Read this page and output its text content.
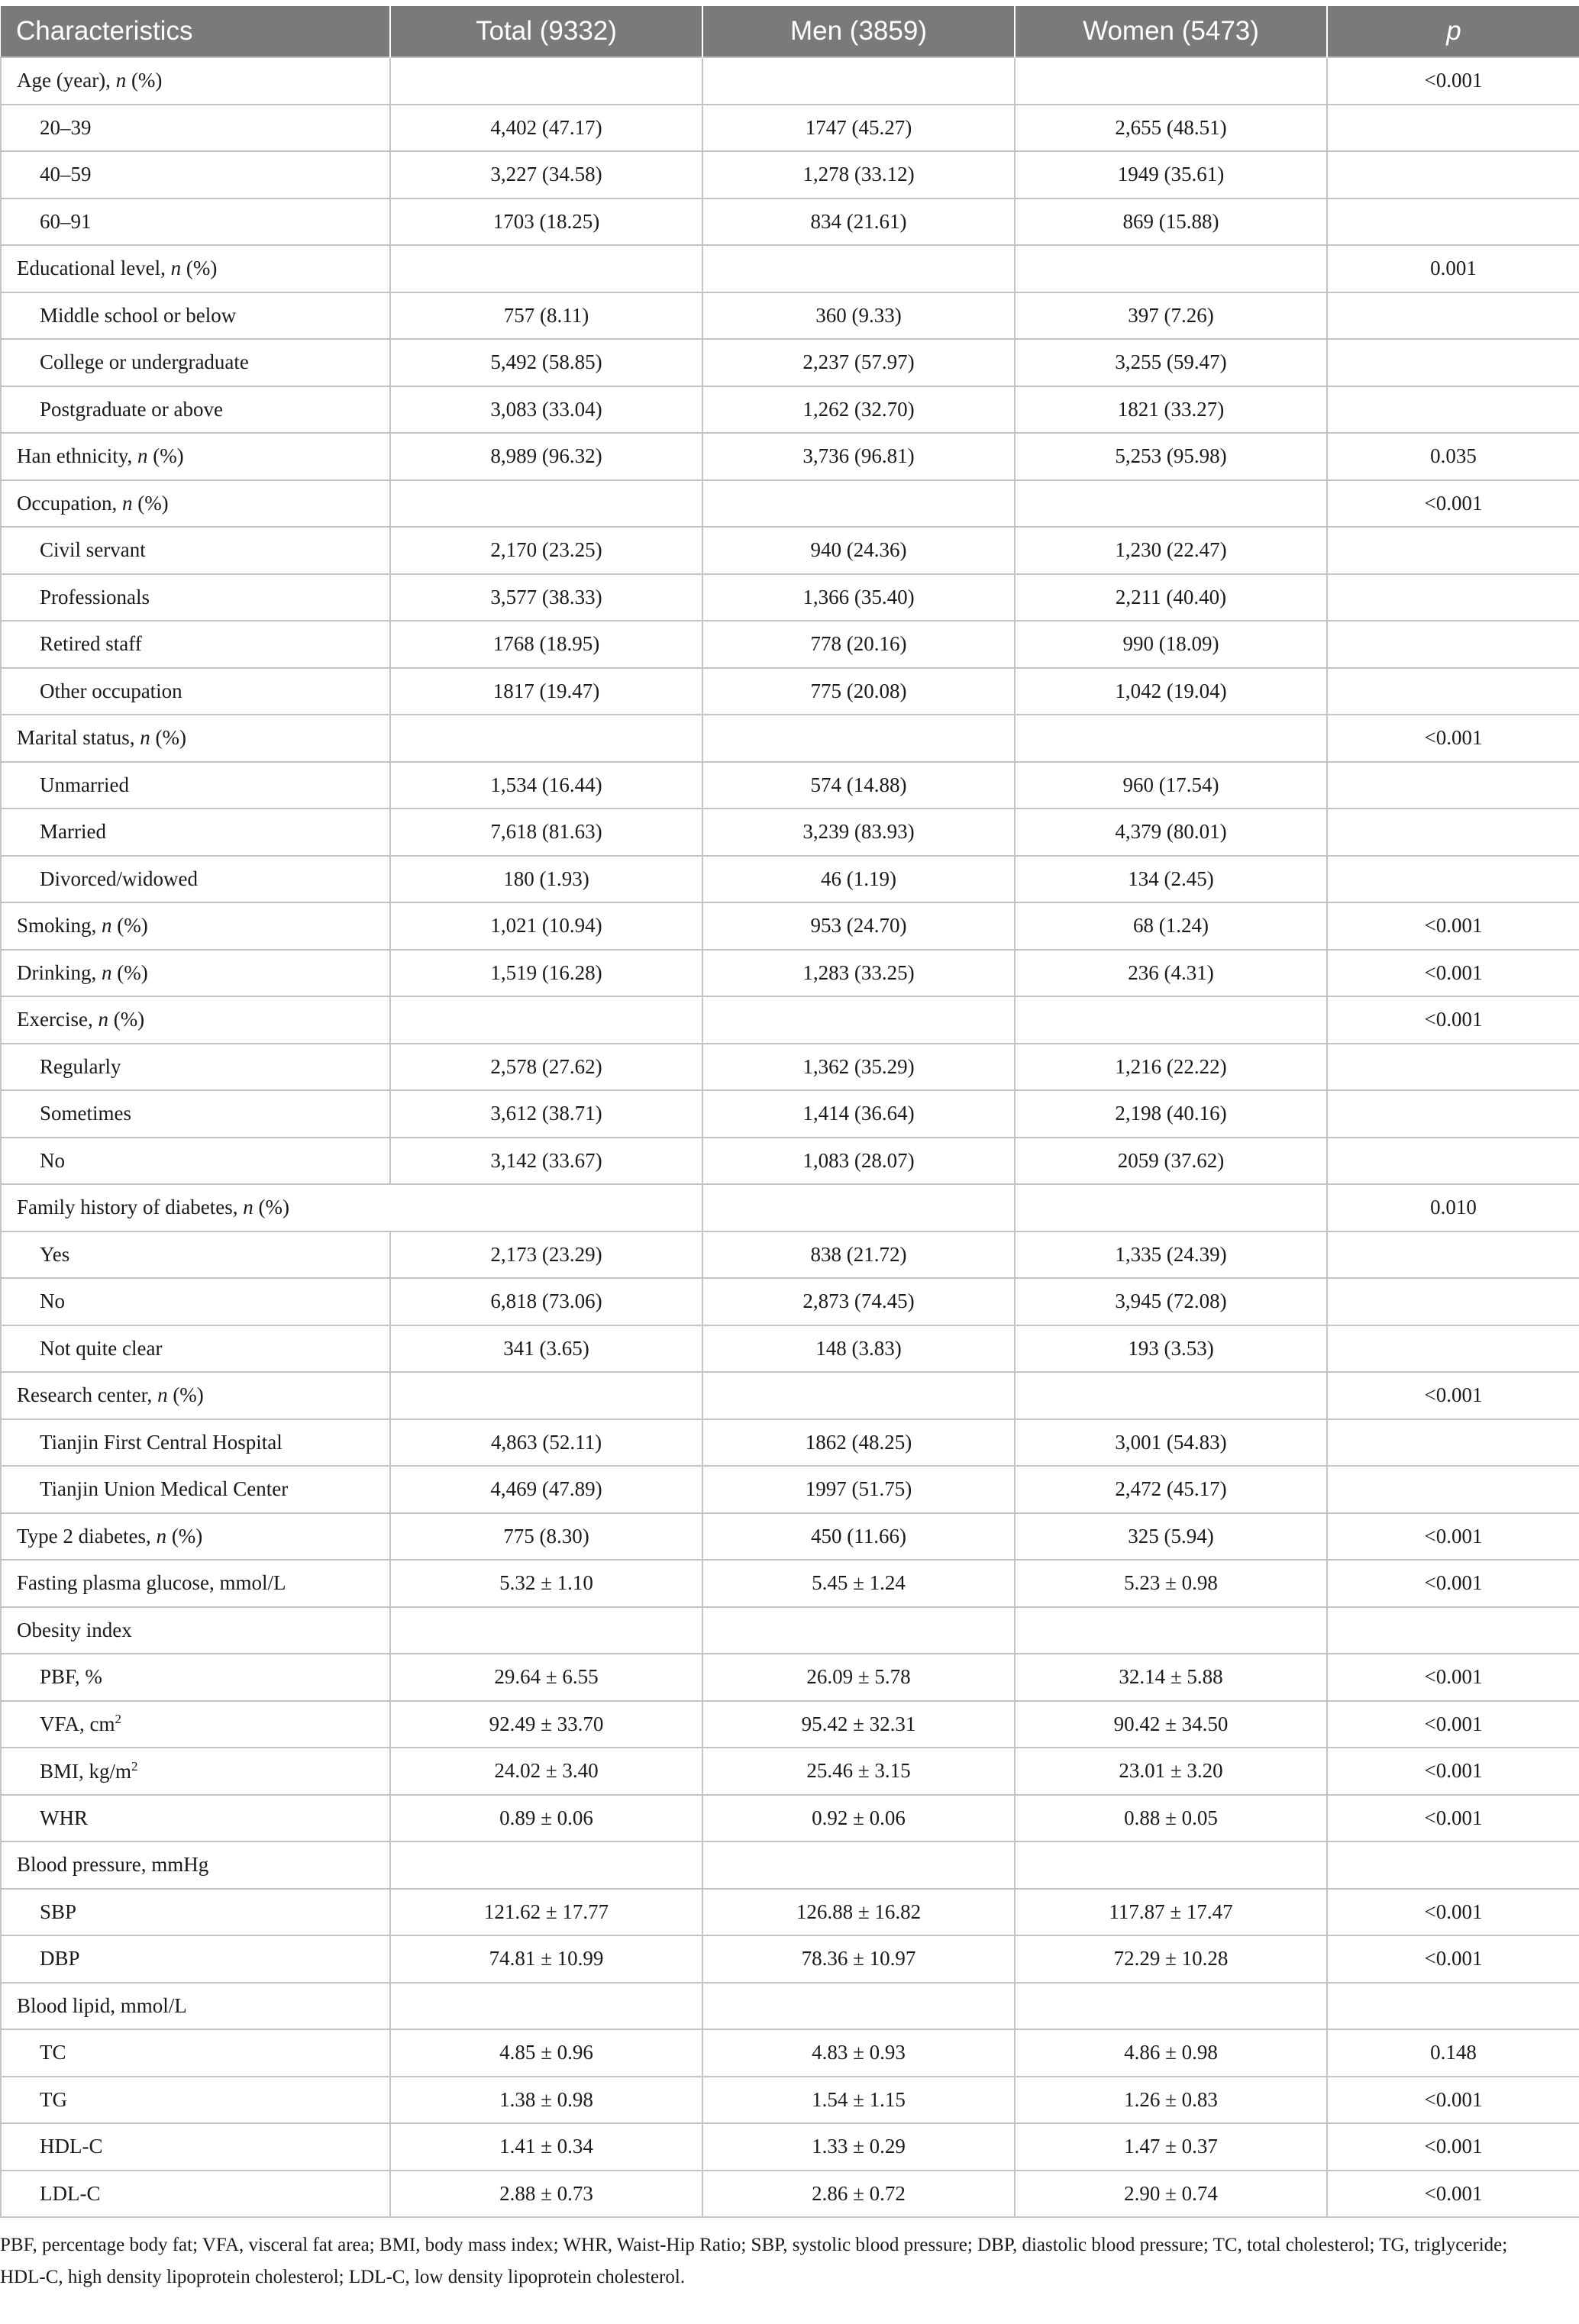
Characteristics	Total (9332)	Men (3859)	Women (5473)	p
Age (year), n (%)				<0.001
20–39	4,402 (47.17)	1747 (45.27)	2,655 (48.51)	
40–59	3,227 (34.58)	1,278 (33.12)	1949 (35.61)	
60–91	1703 (18.25)	834 (21.61)	869 (15.88)	
Educational level, n (%)				0.001
Middle school or below	757 (8.11)	360 (9.33)	397 (7.26)	
College or undergraduate	5,492 (58.85)	2,237 (57.97)	3,255 (59.47)	
Postgraduate or above	3,083 (33.04)	1,262 (32.70)	1821 (33.27)	
Han ethnicity, n (%)	8,989 (96.32)	3,736 (96.81)	5,253 (95.98)	0.035
Occupation, n (%)				<0.001
Civil servant	2,170 (23.25)	940 (24.36)	1,230 (22.47)	
Professionals	3,577 (38.33)	1,366 (35.40)	2,211 (40.40)	
Retired staff	1768 (18.95)	778 (20.16)	990 (18.09)	
Other occupation	1817 (19.47)	775 (20.08)	1,042 (19.04)	
Marital status, n (%)				<0.001
Unmarried	1,534 (16.44)	574 (14.88)	960 (17.54)	
Married	7,618 (81.63)	3,239 (83.93)	4,379 (80.01)	
Divorced/widowed	180 (1.93)	46 (1.19)	134 (2.45)	
Smoking, n (%)	1,021 (10.94)	953 (24.70)	68 (1.24)	<0.001
Drinking, n (%)	1,519 (16.28)	1,283 (33.25)	236 (4.31)	<0.001
Exercise, n (%)				<0.001
Regularly	2,578 (27.62)	1,362 (35.29)	1,216 (22.22)	
Sometimes	3,612 (38.71)	1,414 (36.64)	2,198 (40.16)	
No	3,142 (33.67)	1,083 (28.07)	2059 (37.62)	
Family history of diabetes, n (%)				0.010
Yes	2,173 (23.29)	838 (21.72)	1,335 (24.39)	
No	6,818 (73.06)	2,873 (74.45)	3,945 (72.08)	
Not quite clear	341 (3.65)	148 (3.83)	193 (3.53)	
Research center, n (%)				<0.001
Tianjin First Central Hospital	4,863 (52.11)	1862 (48.25)	3,001 (54.83)	
Tianjin Union Medical Center	4,469 (47.89)	1997 (51.75)	2,472 (45.17)	
Type 2 diabetes, n (%)	775 (8.30)	450 (11.66)	325 (5.94)	<0.001
Fasting plasma glucose, mmol/L	5.32 ± 1.10	5.45 ± 1.24	5.23 ± 0.98	<0.001
Obesity index				
PBF, %	29.64 ± 6.55	26.09 ± 5.78	32.14 ± 5.88	<0.001
VFA, $cm^2$	92.49 ± 33.70	95.42 ± 32.31	90.42 ± 34.50	<0.001
BMI, $kg/m^2$	24.02 ± 3.40	25.46 ± 3.15	23.01 ± 3.20	<0.001
WHR	0.89 ± 0.06	0.92 ± 0.06	0.88 ± 0.05	<0.001
Blood pressure, mmHg				
SBP	121.62 ± 17.77	126.88 ± 16.82	117.87 ± 17.47	<0.001
DBP	74.81 ± 10.99	78.36 ± 10.97	72.29 ± 10.28	<0.001
Blood lipid, mmol/L				
TC	4.85 ± 0.96	4.83 ± 0.93	4.86 ± 0.98	0.148
TG	1.38 ± 0.98	1.54 ± 1.15	1.26 ± 0.83	<0.001
HDL-C	1.41 ± 0.34	1.33 ± 0.29	1.47 ± 0.37	<0.001
LDL-C	2.88 ± 0.73	2.86 ± 0.72	2.90 ± 0.74	<0.001
PBF, percentage body fat; VFA, visceral fat area; BMI, body mass index; WHR, Waist-Hip Ratio; SBP, systolic blood pressure; DBP, diastolic blood pressure; TC, total cholesterol; TG, triglyceride; HDL-C, high density lipoprotein cholesterol; LDL-C, low density lipoprotein cholesterol.
